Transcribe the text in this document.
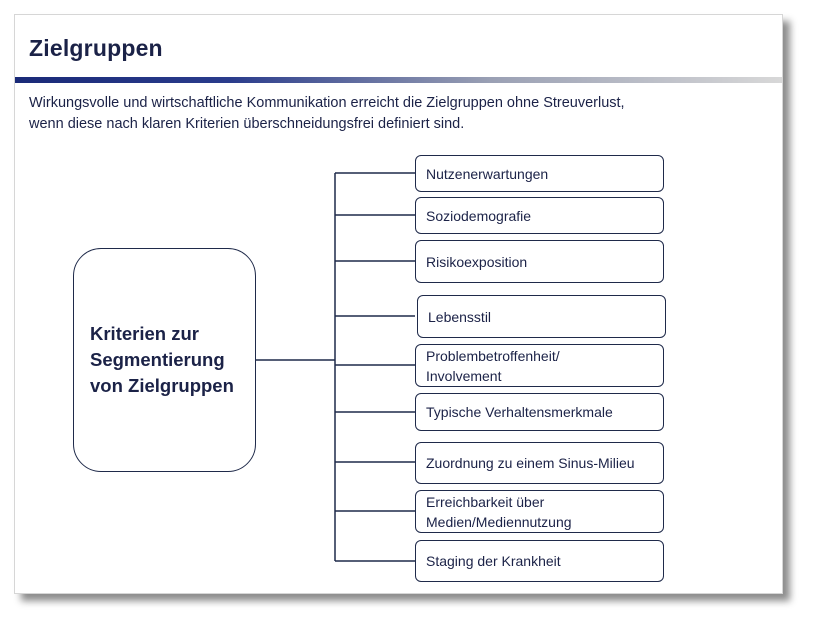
Zielgruppen

Wirkungsvolle und wirtschaftliche Kommunikation erreicht die Zielgruppen ohne Streuverlust,
wenn diese nach klaren Kriterien überschneidungsfrei definiert sind.

Kriterien zur
Segmentierung
von Zielgruppen
Nutzenerwartungen
Soziodemografie
Risikoexposition
Lebensstil
Problembetroffenheit/
Involvement
Typische Verhaltensmerkmale
Zuordnung zu einem Sinus-Milieu
Erreichbarkeit über
Medien/Mediennutzung
Staging der Krankheit
